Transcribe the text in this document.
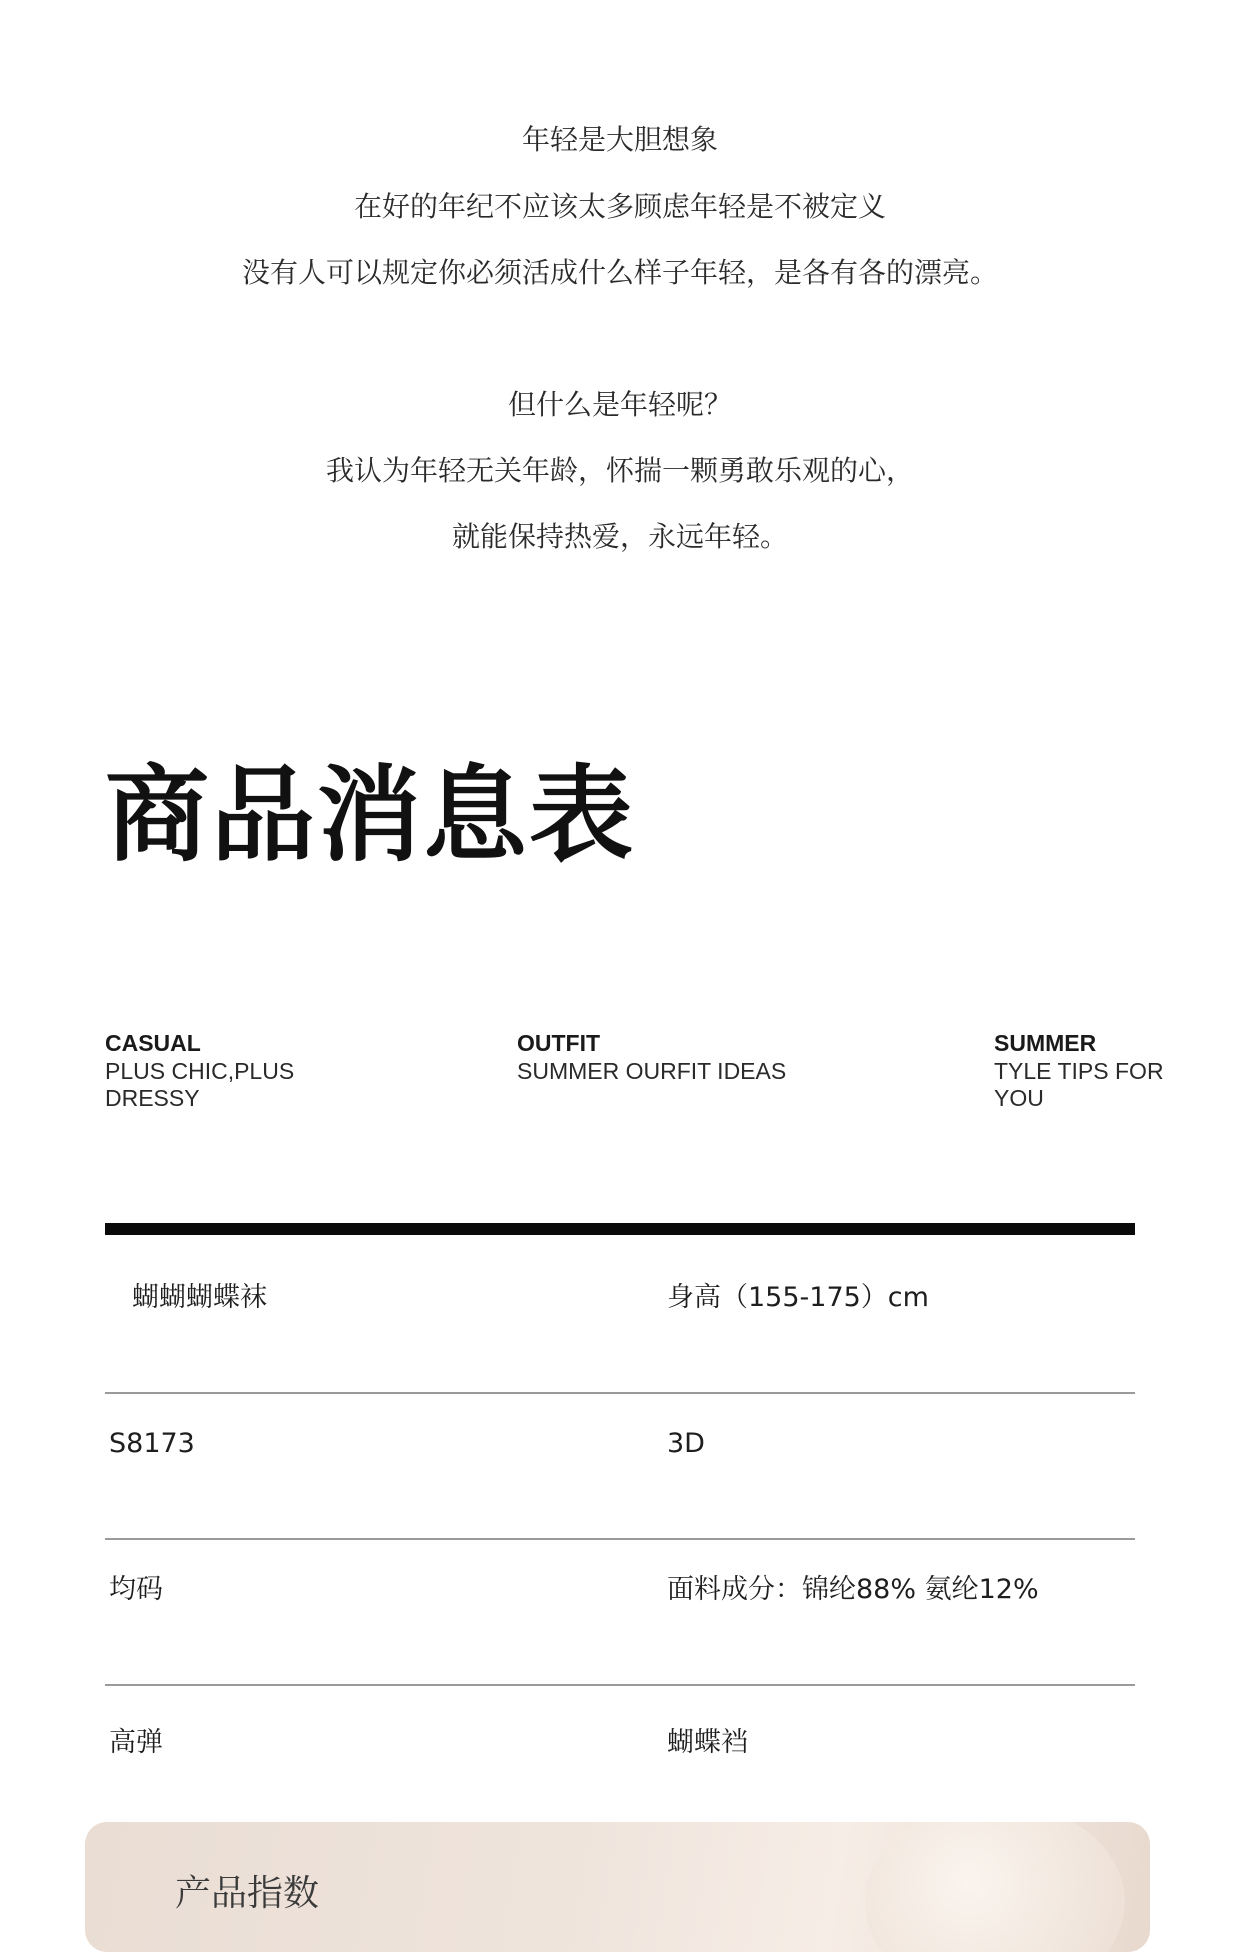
年轻是大胆想象
在好的年纪不应该太多顾虑年轻是不被定义
没有人可以规定你必须活成什么样子年轻，是各有各的漂亮。
但什么是年轻呢？
我认为年轻无关年龄，怀揣一颗勇敢乐观的心，
就能保持热爱，永远年轻。
商品消息表
CASUAL
PLUS CHIC,PLUS
DRESSY
OUTFIT
SUMMER OURFIT IDEAS
SUMMER
TYLE TIPS FOR
YOU
蝴蝴蝴蝶袜	身高（155-175）cm
S8173	3D
均码	面料成分：锦纶88% 氨纶12%
高弹	蝴蝶裆
产品指数
